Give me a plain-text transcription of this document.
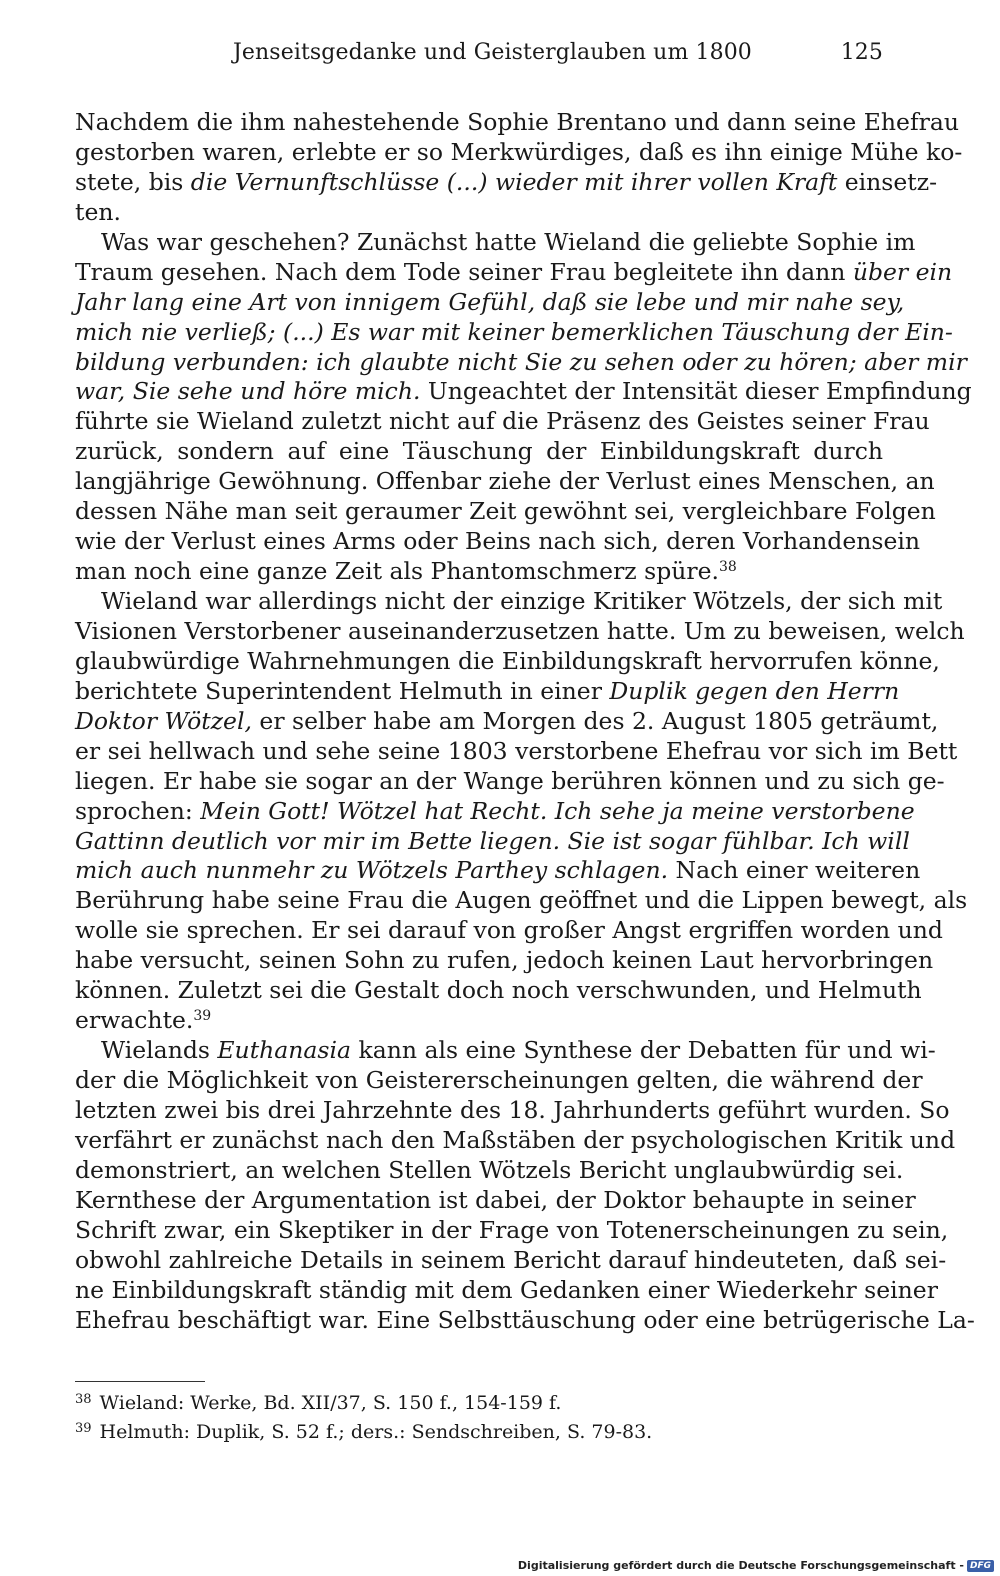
Jenseitsgedanke und Geisterglauben um 1800	125
Nachdem die ihm nahestehende Sophie Brentano und dann seine Ehefrau
gestorben waren, erlebte er so Merkwürdiges, daß es ihn einige Mühe ko-
stete, bis die Vernunftschlüsse (...) wieder mit ihrer vollen Kraft einsetz-
ten.
Was war geschehen? Zunächst hatte Wieland die geliebte Sophie im
Traum gesehen. Nach dem Tode seiner Frau begleitete ihn dann über ein
Jahr lang eine Art von innigem Gefühl, daß sie lebe und mir nahe sey,
mich nie verließ; (...) Es war mit keiner bemerklichen Täuschung der Ein-
bildung verbunden: ich glaubte nicht Sie zu sehen oder zu hören; aber mir
war, Sie sehe und höre mich. Ungeachtet der Intensität dieser Empfindung
führte sie Wieland zuletzt nicht auf die Präsenz des Geistes seiner Frau
zurück, sondern auf eine Täuschung der Einbildungskraft durch
langjährige Gewöhnung. Offenbar ziehe der Verlust eines Menschen, an
dessen Nähe man seit geraumer Zeit gewöhnt sei, vergleichbare Folgen
wie der Verlust eines Arms oder Beins nach sich, deren Vorhandensein
man noch eine ganze Zeit als Phantomschmerz spüre.$^{38}$
Wieland war allerdings nicht der einzige Kritiker Wötzels, der sich mit
Visionen Verstorbener auseinanderzusetzen hatte. Um zu beweisen, welch
glaubwürdige Wahrnehmungen die Einbildungskraft hervorrufen könne,
berichtete Superintendent Helmuth in einer Duplik gegen den Herrn
Doktor Wötzel, er selber habe am Morgen des 2. August 1805 geträumt,
er sei hellwach und sehe seine 1803 verstorbene Ehefrau vor sich im Bett
liegen. Er habe sie sogar an der Wange berühren können und zu sich ge-
sprochen: Mein Gott! Wötzel hat Recht. Ich sehe ja meine verstorbene
Gattinn deutlich vor mir im Bette liegen. Sie ist sogar fühlbar. Ich will
mich auch nunmehr zu Wötzels Parthey schlagen. Nach einer weiteren
Berührung habe seine Frau die Augen geöffnet und die Lippen bewegt, als
wolle sie sprechen. Er sei darauf von großer Angst ergriffen worden und
habe versucht, seinen Sohn zu rufen, jedoch keinen Laut hervorbringen
können. Zuletzt sei die Gestalt doch noch verschwunden, und Helmuth
erwachte.$^{39}$
Wielands Euthanasia kann als eine Synthese der Debatten für und wi-
der die Möglichkeit von Geistererscheinungen gelten, die während der
letzten zwei bis drei Jahrzehnte des 18. Jahrhunderts geführt wurden. So
verfährt er zunächst nach den Maßstäben der psychologischen Kritik und
demonstriert, an welchen Stellen Wötzels Bericht unglaubwürdig sei.
Kernthese der Argumentation ist dabei, der Doktor behaupte in seiner
Schrift zwar, ein Skeptiker in der Frage von Totenerscheinungen zu sein,
obwohl zahlreiche Details in seinem Bericht darauf hindeuteten, daß sei-
ne Einbildungskraft ständig mit dem Gedanken einer Wiederkehr seiner
Ehefrau beschäftigt war. Eine Selbsttäuschung oder eine betrügerische La-
$^{38}$ Wieland: Werke, Bd. XII/37, S. 150 f., 154-159 f.
$^{39}$ Helmuth: Duplik, S. 52 f.; ders.: Sendschreiben, S. 79-83.
Digitalisierung gefördert durch die Deutsche Forschungsgemeinschaft - DFG
